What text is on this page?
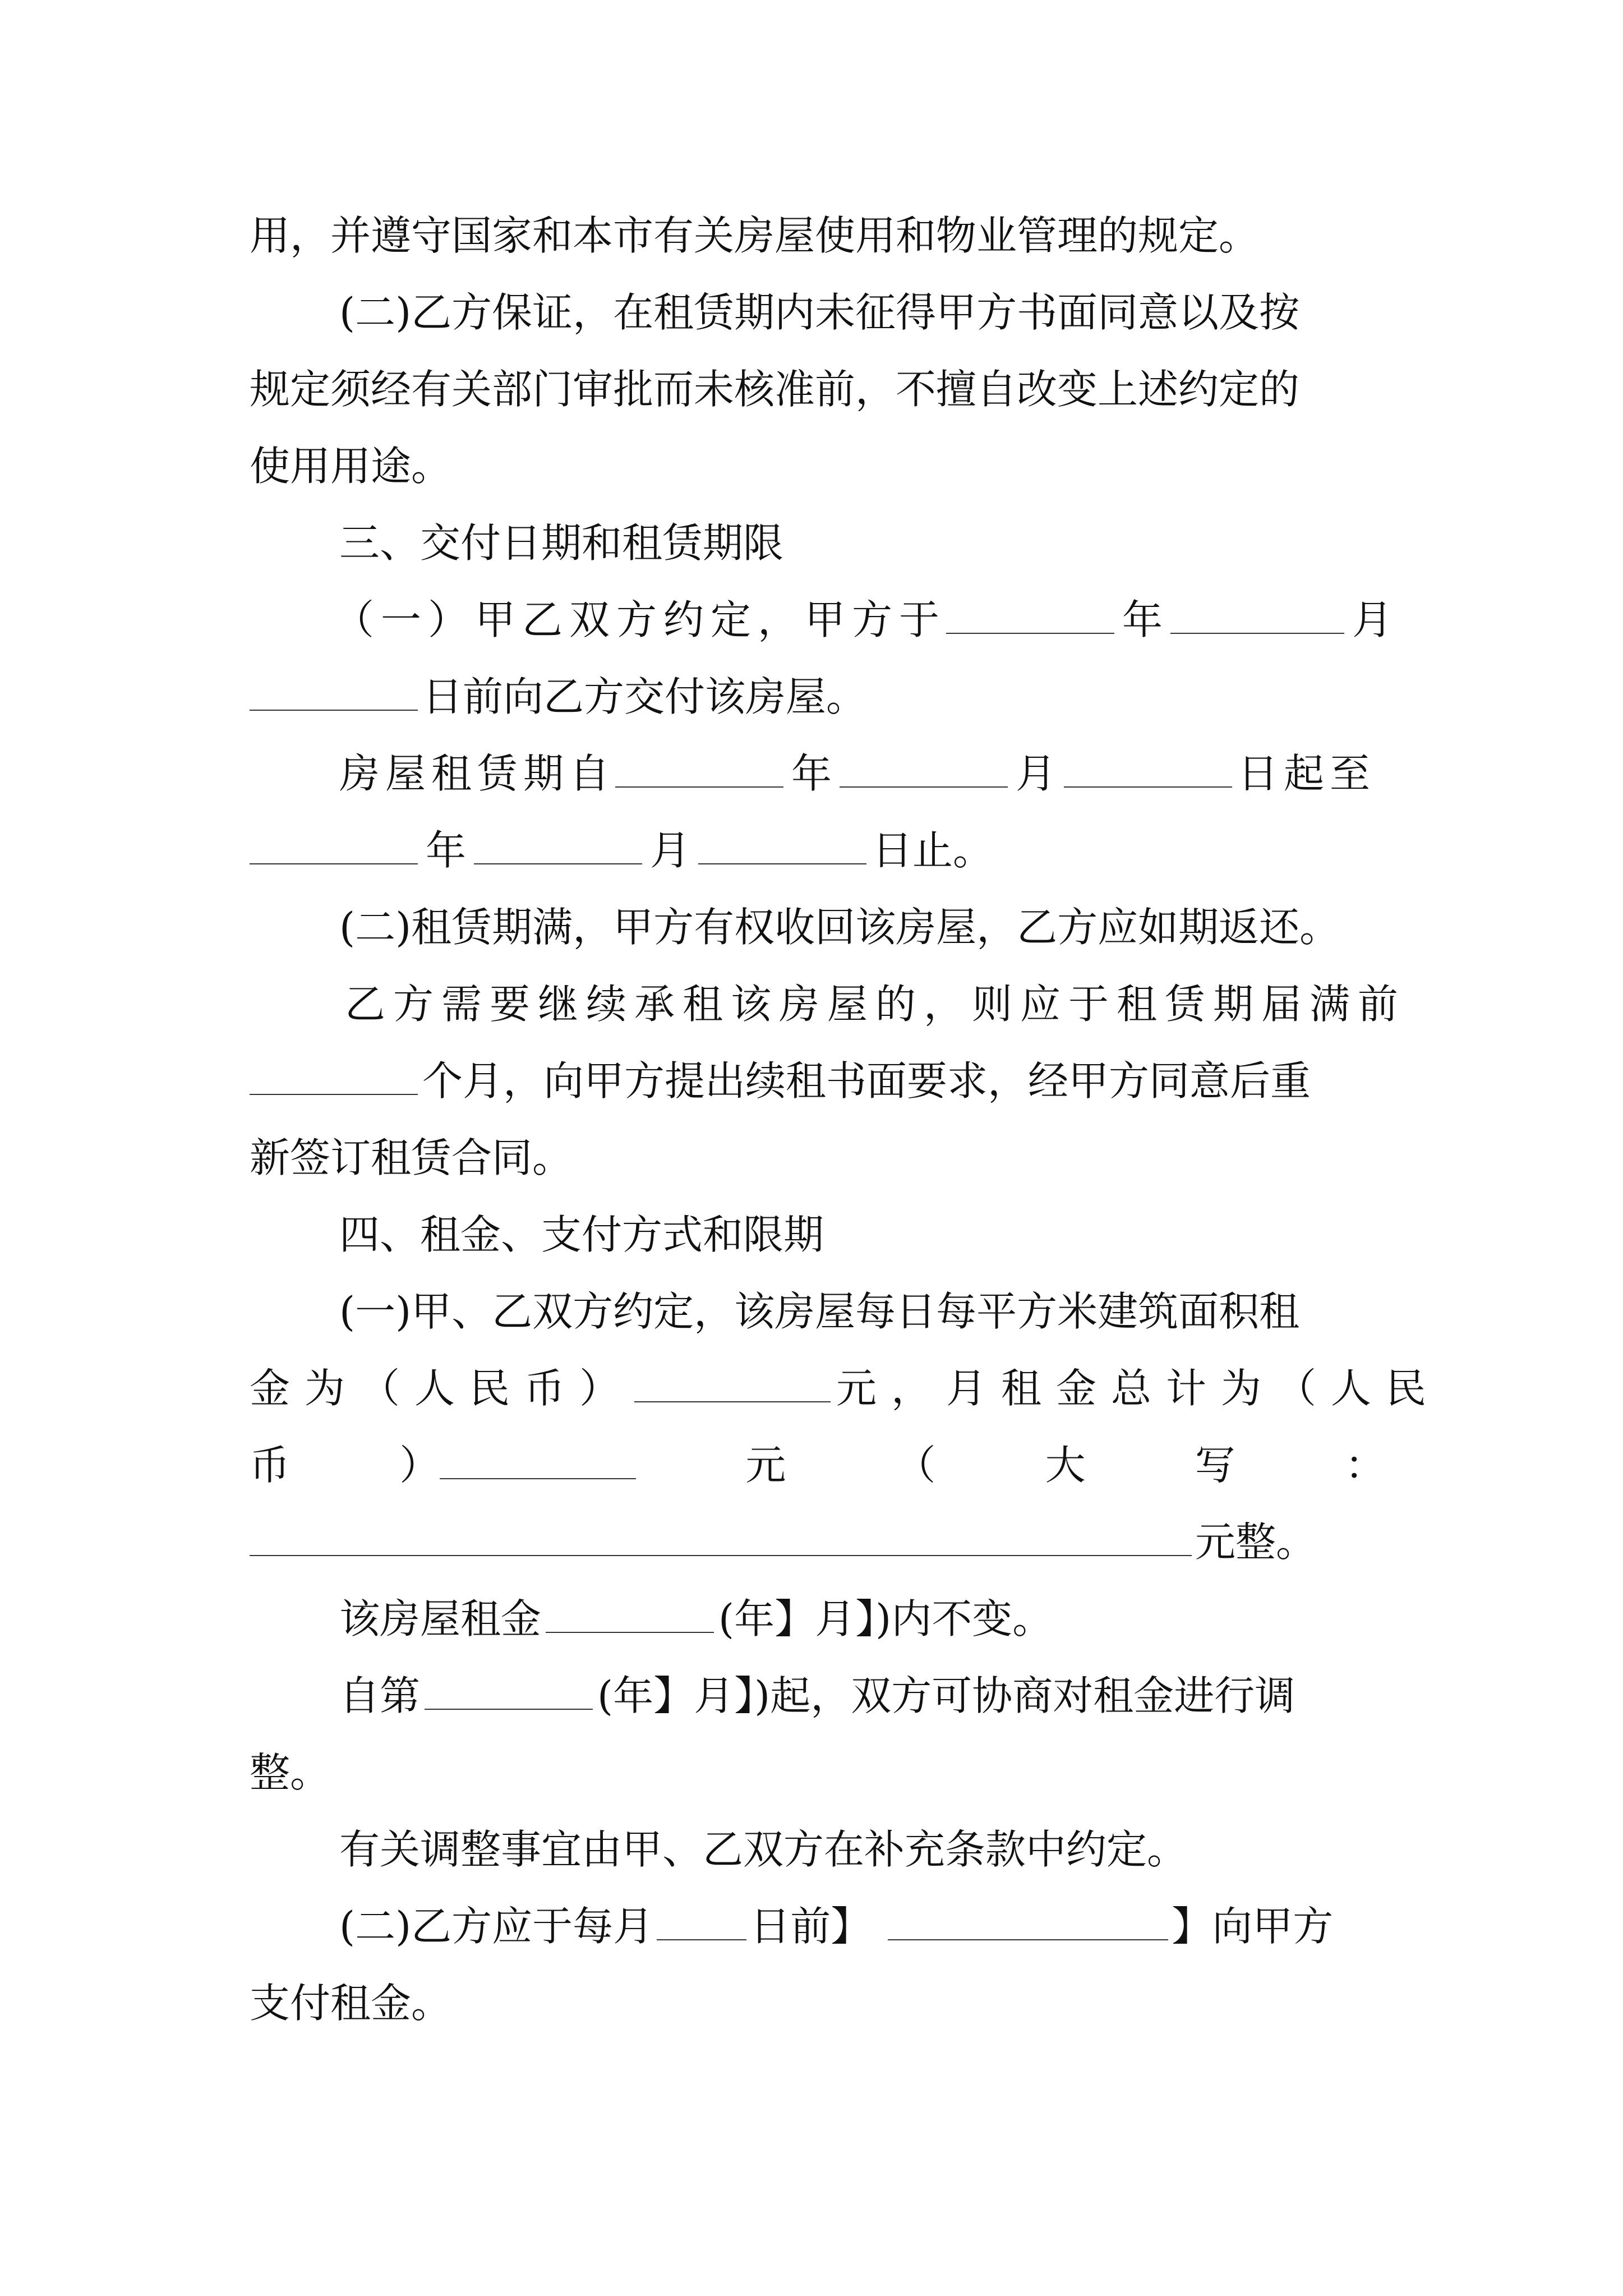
用，并遵守国家和本市有关房屋使用和物业管理的规定。
(二)乙方保证，在租赁期内未征得甲方书面同意以及按
规定须经有关部门审批而未核准前，不擅自改变上述约定的
使用用途。
三、交付日期和租赁期限
（一）甲乙双方约定，甲方于	年	月
日前向乙方交付该房屋。
房屋租赁期自	年	月	日起至
年	月	日止。
(二)租赁期满，甲方有权收回该房屋，乙方应如期返还。
乙方需要继续承租该房屋的，则应于租赁期届满前
个月，向甲方提出续租书面要求，经甲方同意后重
新签订租赁合同。
四、租金、支付方式和限期
(一)甲、乙双方约定，该房屋每日每平方米建筑面积租
金为（人民币）	元，月租金总计为（人民
币	）	元	（	大	写	：
元整。
该房屋租金	(年】月】)内不变。
自第	(年】月】)起，双方可协商对租金进行调
整。
有关调整事宜由甲、乙双方在补充条款中约定。
(二)乙方应于每月 日前】	】向甲方
支付租金。
